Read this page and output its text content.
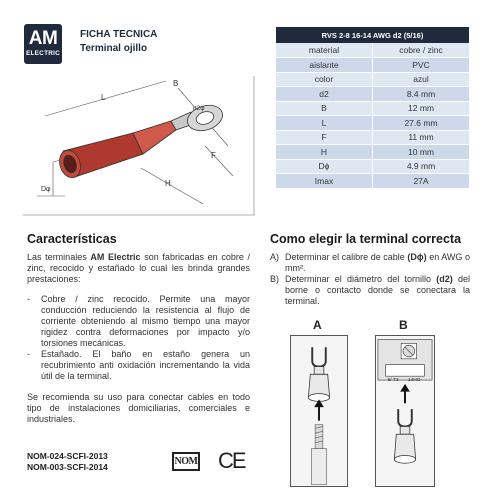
AM
ELECTRIC
FICHA TECNICA
Terminal ojillo
B
L
F
H
d2φ
Dφ
RVS 2-8 16-14 AWG d2 (5/16)	
material	cobre / zinc
aislante	PVC
color	azul
d2	8.4 mm
B	12 mm
L	27.6 mm
F	11 mm
H	10 mm
Dϕ	4.9 mm
Imax	27A
Características

Las terminales AM Electric son fabricadas en cobre / zinc, recocido y estañado lo cual les brinda grandes prestaciones:

- Cobre / zinc recocido. Permite una mayor conducción reduciendo la resistencia al flujo de corriente obteniendo al mismo tiempo una mayor rigidez contra deformaciones por impacto y/o torsiones mecánicas.
- Estañado. El baño en estaño genera un recubrimiento anti oxidación incrementando la vida útil de la terminal.

Se recomienda su uso para conectar cables en todo tipo de instalaciones domiciliarias, comerciales e industriales.

NOM-024-SCFI-2013
NOM-003-SCFI-2014	NOM CE
Como elegir la terminal correcta
A) Determinar el calibre de cable (Dϕ) en AWG o mm².
B) Determinar el diámetro del tornillo (d2) del borne o contacto donde se conectara la terminal.
A	B
6/ T3 14HO
